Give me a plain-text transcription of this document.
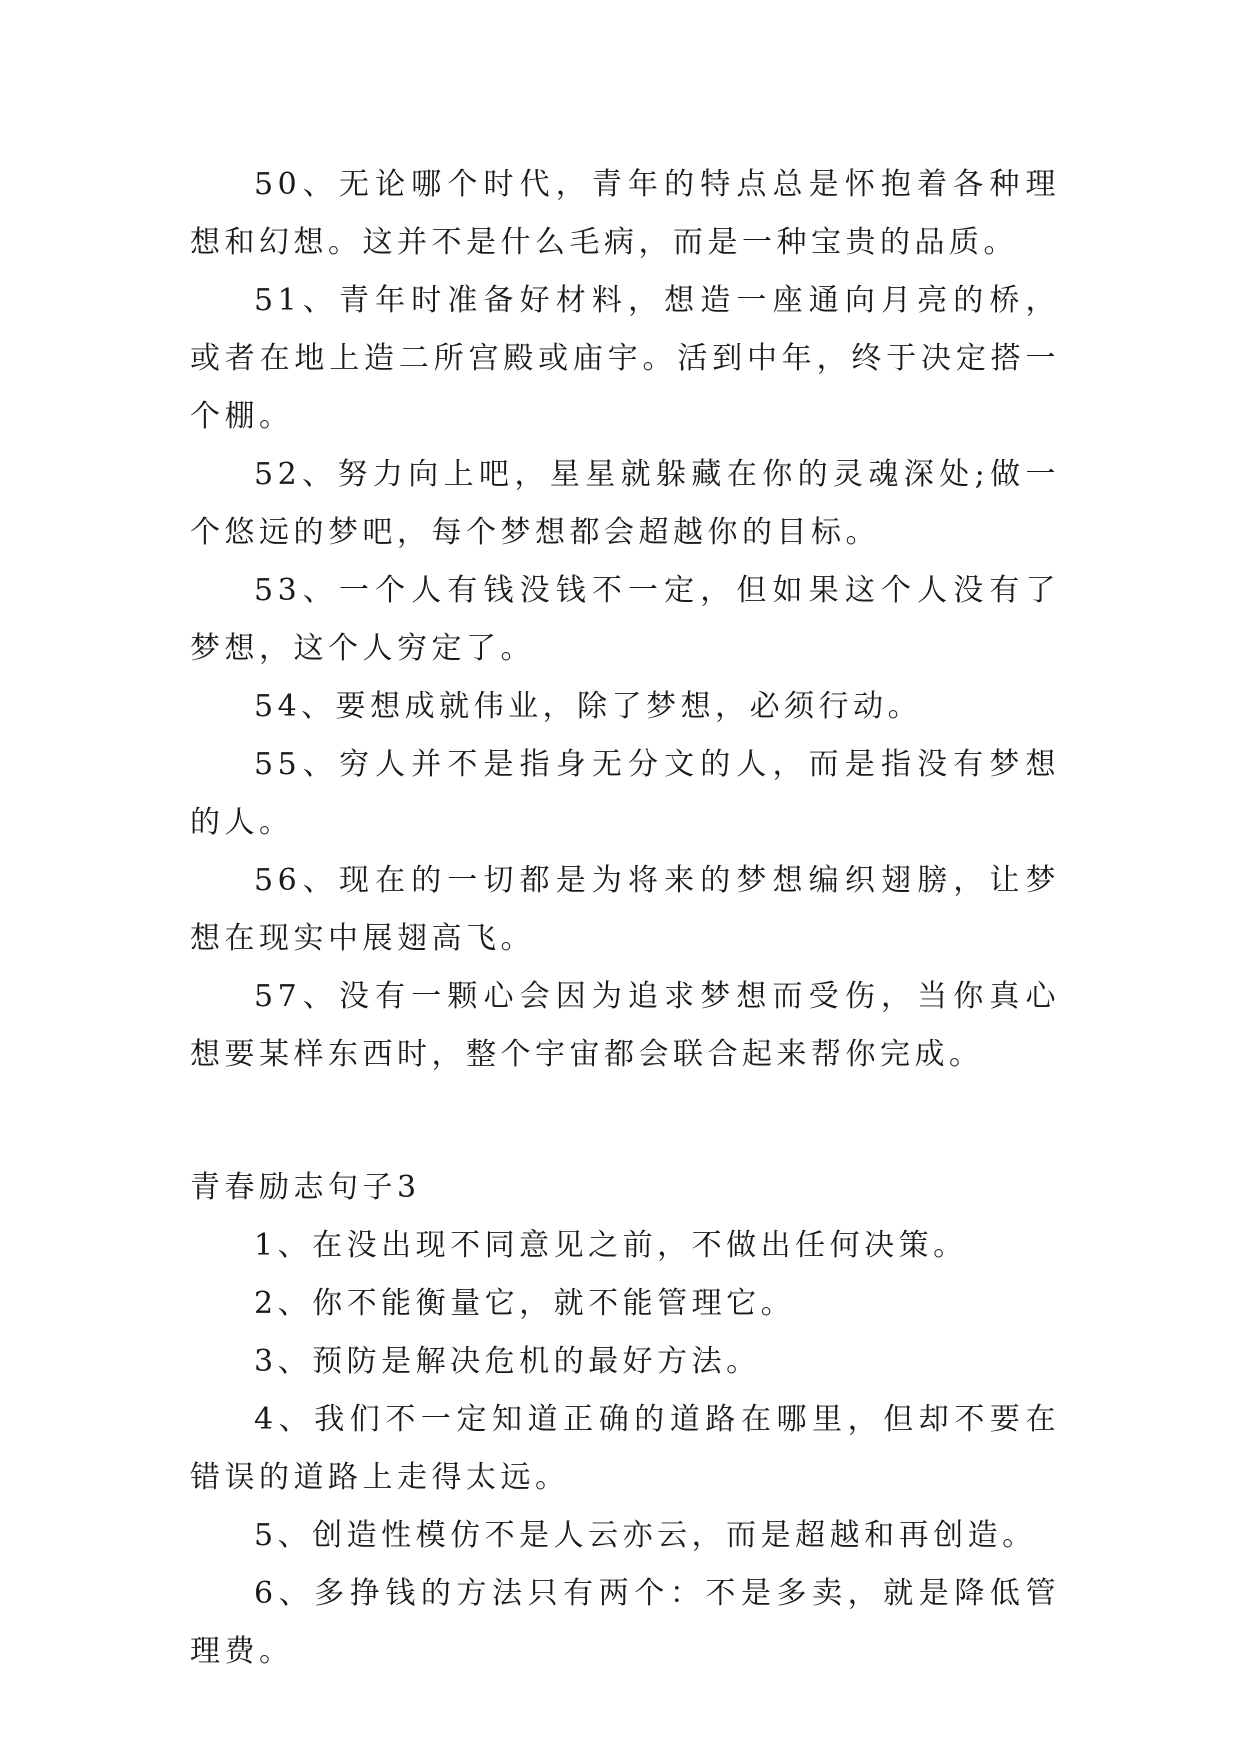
50、无论哪个时代，青年的特点总是怀抱着各种理想和幻想。这并不是什么毛病，而是一种宝贵的品质。

51、青年时准备好材料，想造一座通向月亮的桥，或者在地上造二所宫殿或庙宇。活到中年，终于决定搭一个棚。

52、努力向上吧，星星就躲藏在你的灵魂深处;做一个悠远的梦吧，每个梦想都会超越你的目标。

53、一个人有钱没钱不一定，但如果这个人没有了梦想，这个人穷定了。

54、要想成就伟业，除了梦想，必须行动。

55、穷人并不是指身无分文的人，而是指没有梦想的人。

56、现在的一切都是为将来的梦想编织翅膀，让梦想在现实中展翅高飞。

57、没有一颗心会因为追求梦想而受伤，当你真心想要某样东西时，整个宇宙都会联合起来帮你完成。

青春励志句子3

1、在没出现不同意见之前，不做出任何决策。

2、你不能衡量它，就不能管理它。

3、预防是解决危机的最好方法。

4、我们不一定知道正确的道路在哪里，但却不要在错误的道路上走得太远。

5、创造性模仿不是人云亦云，而是超越和再创造。

6、多挣钱的方法只有两个：不是多卖，就是降低管理费。
